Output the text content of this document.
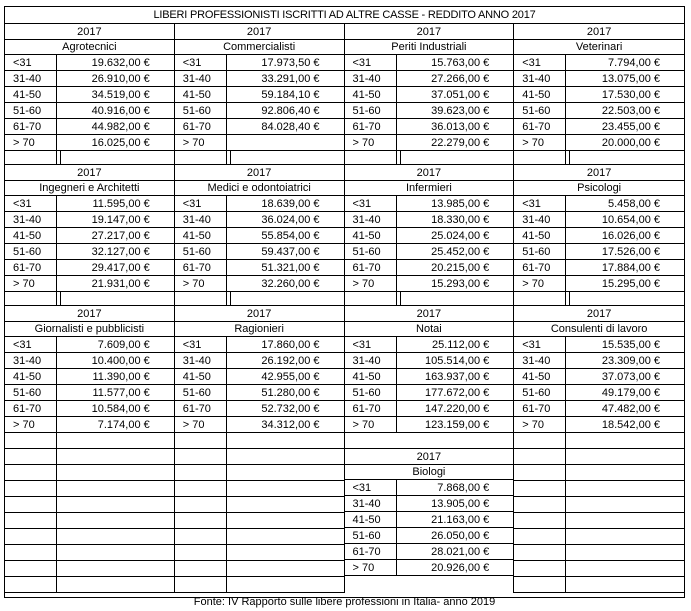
LIBERI PROFESSIONISTI ISCRITTI AD ALTRE CASSE - REDDITO ANNO 2017
2017
Agrotecnici
<31	19.632,00 €
31-40	26.910,00 €
41-50	34.519,00 €
51-60	40.916,00 €
61-70	44.982,00 €
> 70	16.025,00 €
2017
Commercialisti
<31	17.973,50 €
31-40	33.291,00 €
41-50	59.184,10 €
51-60	92.806,40 €
61-70	84.028,40 €
> 70
2017
Periti Industriali
<31	15.763,00 €
31-40	27.266,00 €
41-50	37.051,00 €
51-60	39.623,00 €
61-70	36.013,00 €
> 70	22.279,00 €
2017
Veterinari
<31	7.794,00 €
31-40	13.075,00 €
41-50	17.530,00 €
51-60	22.503,00 €
61-70	23.455,00 €
> 70	20.000,00 €
2017
Ingegneri e Architetti
<31	11.595,00 €
31-40	19.147,00 €
41-50	27.217,00 €
51-60	32.127,00 €
61-70	29.417,00 €
> 70	21.931,00 €
2017
Medici e odontoiatrici
<31	18.639,00 €
31-40	36.024,00 €
41-50	55.854,00 €
51-60	59.437,00 €
61-70	51.321,00 €
> 70	32.260,00 €
2017
Infermieri
<31	13.985,00 €
31-40	18.330,00 €
41-50	25.024,00 €
51-60	25.452,00 €
61-70	20.215,00 €
> 70	15.293,00 €
2017
Psicologi
<31	5.458,00 €
31-40	10.654,00 €
41-50	16.026,00 €
51-60	17.526,00 €
61-70	17.884,00 €
> 70	15.295,00 €
2017
Giornalisti e pubblicisti
<31	7.609,00 €
31-40	10.400,00 €
41-50	11.390,00 €
51-60	11.577,00 €
61-70	10.584,00 €
> 70	7.174,00 €
2017
Ragionieri
<31	17.860,00 €
31-40	26.192,00 €
41-50	42.955,00 €
51-60	51.280,00 €
61-70	52.732,00 €
> 70	34.312,00 €
2017
Notai
<31	25.112,00 €
31-40	105.514,00 €
41-50	163.937,00 €
51-60	177.672,00 €
61-70	147.220,00 €
> 70	123.159,00 €
2017
Consulenti di lavoro
<31	15.535,00 €
31-40	23.309,00 €
41-50	37.073,00 €
51-60	49.179,00 €
61-70	47.482,00 €
> 70	18.542,00 €
2017
Biologi
<31	7.868,00 €
31-40	13.905,00 €
41-50	21.163,00 €
51-60	26.050,00 €
61-70	28.021,00 €
> 70	20.926,00 €
Fonte: IV Rapporto sulle libere professioni in Italia- anno 2019
